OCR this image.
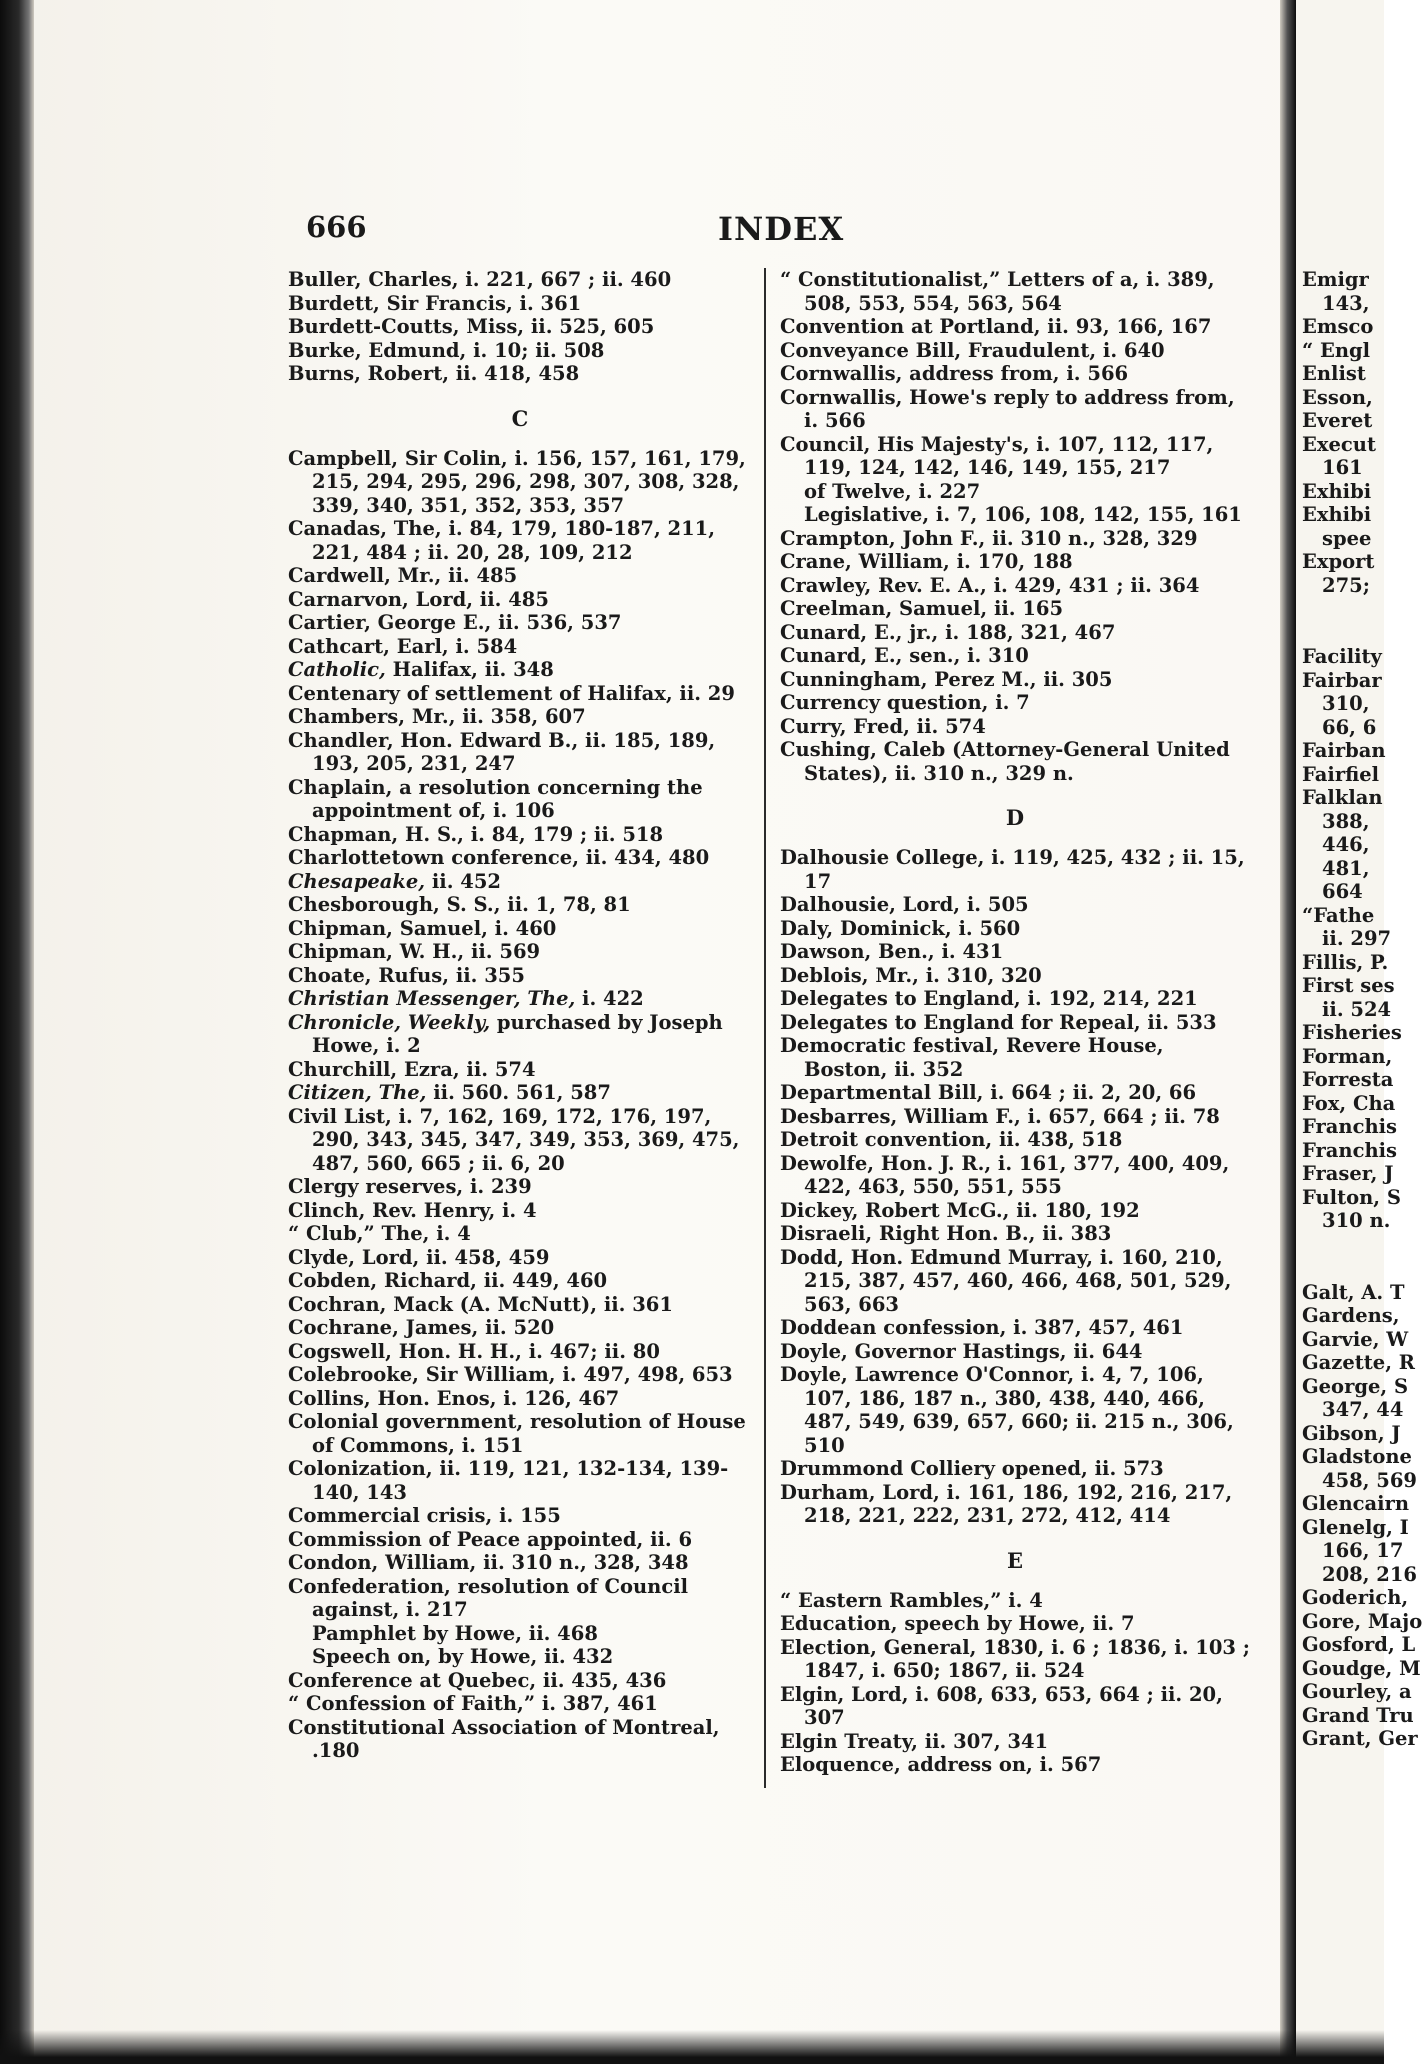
666	INDEX
Buller, Charles, i. 221, 667 ; ii. 460
Burdett, Sir Francis, i. 361
Burdett-Coutts, Miss, ii. 525, 605
Burke, Edmund, i. 10; ii. 508
Burns, Robert, ii. 418, 458
C
Campbell, Sir Colin, i. 156, 157, 161, 179, 215, 294, 295, 296, 298, 307, 308, 328, 339, 340, 351, 352, 353, 357
Canadas, The, i. 84, 179, 180-187, 211, 221, 484 ; ii. 20, 28, 109, 212
Cardwell, Mr., ii. 485
Carnarvon, Lord, ii. 485
Cartier, George E., ii. 536, 537
Cathcart, Earl, i. 584
Catholic, Halifax, ii. 348
Centenary of settlement of Halifax, ii. 29
Chambers, Mr., ii. 358, 607
Chandler, Hon. Edward B., ii. 185, 189, 193, 205, 231, 247
Chaplain, a resolution concerning the appointment of, i. 106
Chapman, H. S., i. 84, 179 ; ii. 518
Charlottetown conference, ii. 434, 480
Chesapeake, ii. 452
Chesborough, S. S., ii. 1, 78, 81
Chipman, Samuel, i. 460
Chipman, W. H., ii. 569
Choate, Rufus, ii. 355
Christian Messenger, The, i. 422
Chronicle, Weekly, purchased by Joseph Howe, i. 2
Churchill, Ezra, ii. 574
Citizen, The, ii. 560. 561, 587
Civil List, i. 7, 162, 169, 172, 176, 197, 290, 343, 345, 347, 349, 353, 369, 475, 487, 560, 665 ; ii. 6, 20
Clergy reserves, i. 239
Clinch, Rev. Henry, i. 4
“ Club,” The, i. 4
Clyde, Lord, ii. 458, 459
Cobden, Richard, ii. 449, 460
Cochran, Mack (A. McNutt), ii. 361
Cochrane, James, ii. 520
Cogswell, Hon. H. H., i. 467; ii. 80
Colebrooke, Sir William, i. 497, 498, 653
Collins, Hon. Enos, i. 126, 467
Colonial government, resolution of House of Commons, i. 151
Colonization, ii. 119, 121, 132-134, 139-140, 143
Commercial crisis, i. 155
Commission of Peace appointed, ii. 6
Condon, William, ii. 310 n., 328, 348
Confederation, resolution of Council against, i. 217
Pamphlet by Howe, ii. 468
Speech on, by Howe, ii. 432
Conference at Quebec, ii. 435, 436
“ Confession of Faith,” i. 387, 461
Constitutional Association of Montreal, .180
“ Constitutionalist,” Letters of a, i. 389, 508, 553, 554, 563, 564
Convention at Portland, ii. 93, 166, 167
Conveyance Bill, Fraudulent, i. 640
Cornwallis, address from, i. 566
Cornwallis, Howe's reply to address from, i. 566
Council, His Majesty's, i. 107, 112, 117, 119, 124, 142, 146, 149, 155, 217
of Twelve, i. 227
Legislative, i. 7, 106, 108, 142, 155, 161
Crampton, John F., ii. 310 n., 328, 329
Crane, William, i. 170, 188
Crawley, Rev. E. A., i. 429, 431 ; ii. 364
Creelman, Samuel, ii. 165
Cunard, E., jr., i. 188, 321, 467
Cunard, E., sen., i. 310
Cunningham, Perez M., ii. 305
Currency question, i. 7
Curry, Fred, ii. 574
Cushing, Caleb (Attorney-General United States), ii. 310 n., 329 n.
D
Dalhousie College, i. 119, 425, 432 ; ii. 15, 17
Dalhousie, Lord, i. 505
Daly, Dominick, i. 560
Dawson, Ben., i. 431
Deblois, Mr., i. 310, 320
Delegates to England, i. 192, 214, 221
Delegates to England for Repeal, ii. 533
Democratic festival, Revere House, Boston, ii. 352
Departmental Bill, i. 664 ; ii. 2, 20, 66
Desbarres, William F., i. 657, 664 ; ii. 78
Detroit convention, ii. 438, 518
Dewolfe, Hon. J. R., i. 161, 377, 400, 409, 422, 463, 550, 551, 555
Dickey, Robert McG., ii. 180, 192
Disraeli, Right Hon. B., ii. 383
Dodd, Hon. Edmund Murray, i. 160, 210, 215, 387, 457, 460, 466, 468, 501, 529, 563, 663
Doddean confession, i. 387, 457, 461
Doyle, Governor Hastings, ii. 644
Doyle, Lawrence O'Connor, i. 4, 7, 106, 107, 186, 187 n., 380, 438, 440, 466, 487, 549, 639, 657, 660; ii. 215 n., 306, 510
Drummond Colliery opened, ii. 573
Durham, Lord, i. 161, 186, 192, 216, 217, 218, 221, 222, 231, 272, 412, 414
E
“ Eastern Rambles,” i. 4
Education, speech by Howe, ii. 7
Election, General, 1830, i. 6 ; 1836, i. 103 ; 1847, i. 650; 1867, ii. 524
Elgin, Lord, i. 608, 633, 653, 664 ; ii. 20, 307
Elgin Treaty, ii. 307, 341
Eloquence, address on, i. 567
Emigr
143,
Emsco
“ Engl
Enlist
Esson,
Everet
Execut
161
Exhibi
Exhibi
spee
Export
275;
Facility
Fairbar
310,
66, 6
Fairban
Fairfiel
Falklan
388,
446,
481,
664
“Fathe
ii. 297
Fillis, P.
First ses
ii. 524
Fisheries
Forman,
Forresta
Fox, Cha
Franchis
Franchis
Fraser, J
Fulton, S
310 n.
Galt, A. T
Gardens,
Garvie, W
Gazette, R
George, S
347, 44
Gibson, J
Gladstone
458, 569
Glencairn
Glenelg, I
166, 17
208, 216
Goderich,
Gore, Majo
Gosford, L
Goudge, M
Gourley, a
Grand Tru
Grant, Ger
